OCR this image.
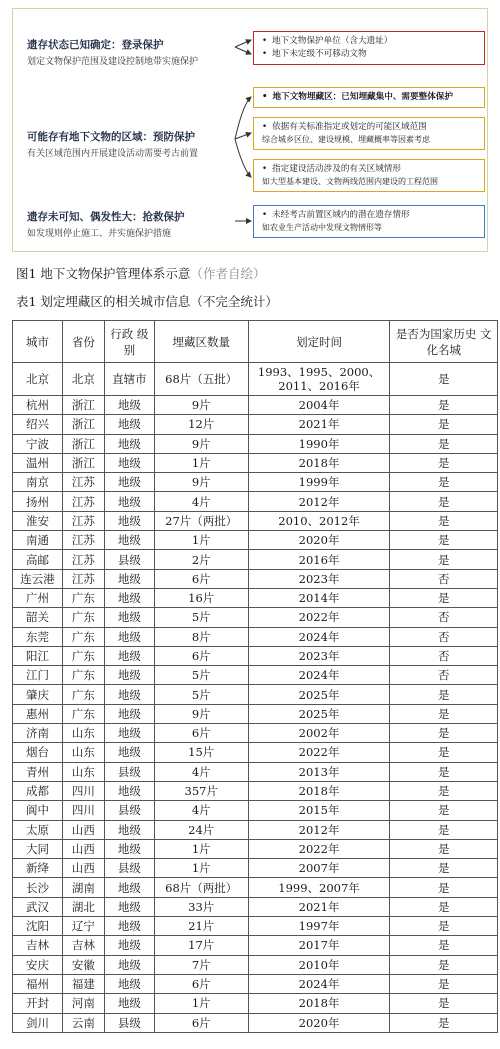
遗存状态已知确定：登录保护
划定文物保护范围及建设控制地带实施保护
• 地下文物保护单位（含大遗址）
• 地下未定级不可移动文物
可能存有地下文物的区域：预防保护
有关区域范围内开展建设活动需要考古前置
• 地下文物埋藏区：已知埋藏集中、需要整体保护
• 依据有关标准指定或划定的可能区域范围
综合城乡区位、建设规模、埋藏概率等因素考虑
• 指定建设活动涉及的有关区域情形
如大型基本建设、文物两线范围内建设的工程范围
遗存未可知、偶发性大：抢救保护
如发现则停止施工、并实施保护措施
• 未经考古前置区域内的潜在遗存情形
如农业生产活动中发现文物情形等
图1 地下文物保护管理体系示意（作者自绘）
表1 划定埋藏区的相关城市信息（不完全统计）
城市	省份	行政 级别	埋藏区数量	划定时间	是否为国家历史 文化名城
北京	北京	直辖市	68片（五批）	1993、1995、2000、
2011、2016年	是
杭州	浙江	地级	9片	2004年	是
绍兴	浙江	地级	12片	2021年	是
宁波	浙江	地级	9片	1990年	是
温州	浙江	地级	1片	2018年	是
南京	江苏	地级	9片	1999年	是
扬州	江苏	地级	4片	2012年	是
淮安	江苏	地级	27片（两批）	2010、2012年	是
南通	江苏	地级	1片	2020年	是
高邮	江苏	县级	2片	2016年	是
连云港	江苏	地级	6片	2023年	否
广州	广东	地级	16片	2014年	是
韶关	广东	地级	5片	2022年	否
东莞	广东	地级	8片	2024年	否
阳江	广东	地级	6片	2023年	否
江门	广东	地级	5片	2024年	否
肇庆	广东	地级	5片	2025年	是
惠州	广东	地级	9片	2025年	是
济南	山东	地级	6片	2002年	是
烟台	山东	地级	15片	2022年	是
青州	山东	县级	4片	2013年	是
成都	四川	地级	357片	2018年	是
阆中	四川	县级	4片	2015年	是
太原	山西	地级	24片	2012年	是
大同	山西	地级	1片	2022年	是
新绛	山西	县级	1片	2007年	是
长沙	湖南	地级	68片（两批）	1999、2007年	是
武汉	湖北	地级	33片	2021年	是
沈阳	辽宁	地级	21片	1997年	是
吉林	吉林	地级	17片	2017年	是
安庆	安徽	地级	7片	2010年	是
福州	福建	地级	6片	2024年	是
开封	河南	地级	1片	2018年	是
剑川	云南	县级	6片	2020年	是
